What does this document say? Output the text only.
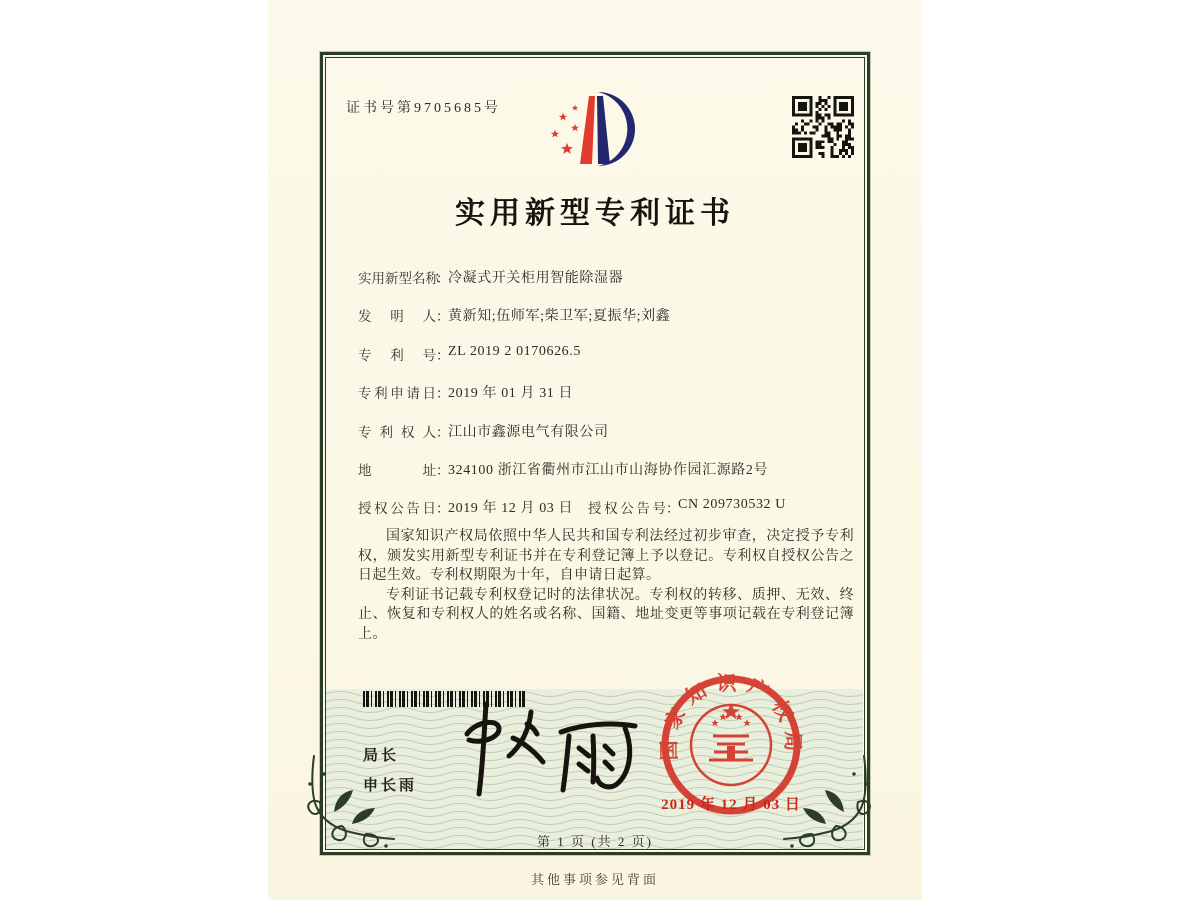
证书号第9705685号
实用新型专利证书
实用新型名称：冷凝式开关柜用智能除湿器
发明人：黄新知;伍师军;柴卫军;夏振华;刘鑫
专利号：ZL 2019 2 0170626.5
专利申请日：2019 年 01 月 31 日
专利权人：江山市鑫源电气有限公司
地址：324100 浙江省衢州市江山市山海协作园汇源路2号
授权公告日：2019 年 12 月 03 日 授权公告号：CN 209730532 U

国家知识产权局依照中华人民共和国专利法经过初步审查，决定授予专利权，颁发实用新型专利证书并在专利登记簿上予以登记。专利权自授权公告之日起生效。专利权期限为十年，自申请日起算。

专利证书记载专利权登记时的法律状况。专利权的转移、质押、无效、终止、恢复和专利权人的姓名或名称、国籍、地址变更等事项记载在专利登记簿上。

局长
申长雨
国家知识产权局
2019 年 12 月 03 日
第 1 页 (共 2 页)
其他事项参见背面
